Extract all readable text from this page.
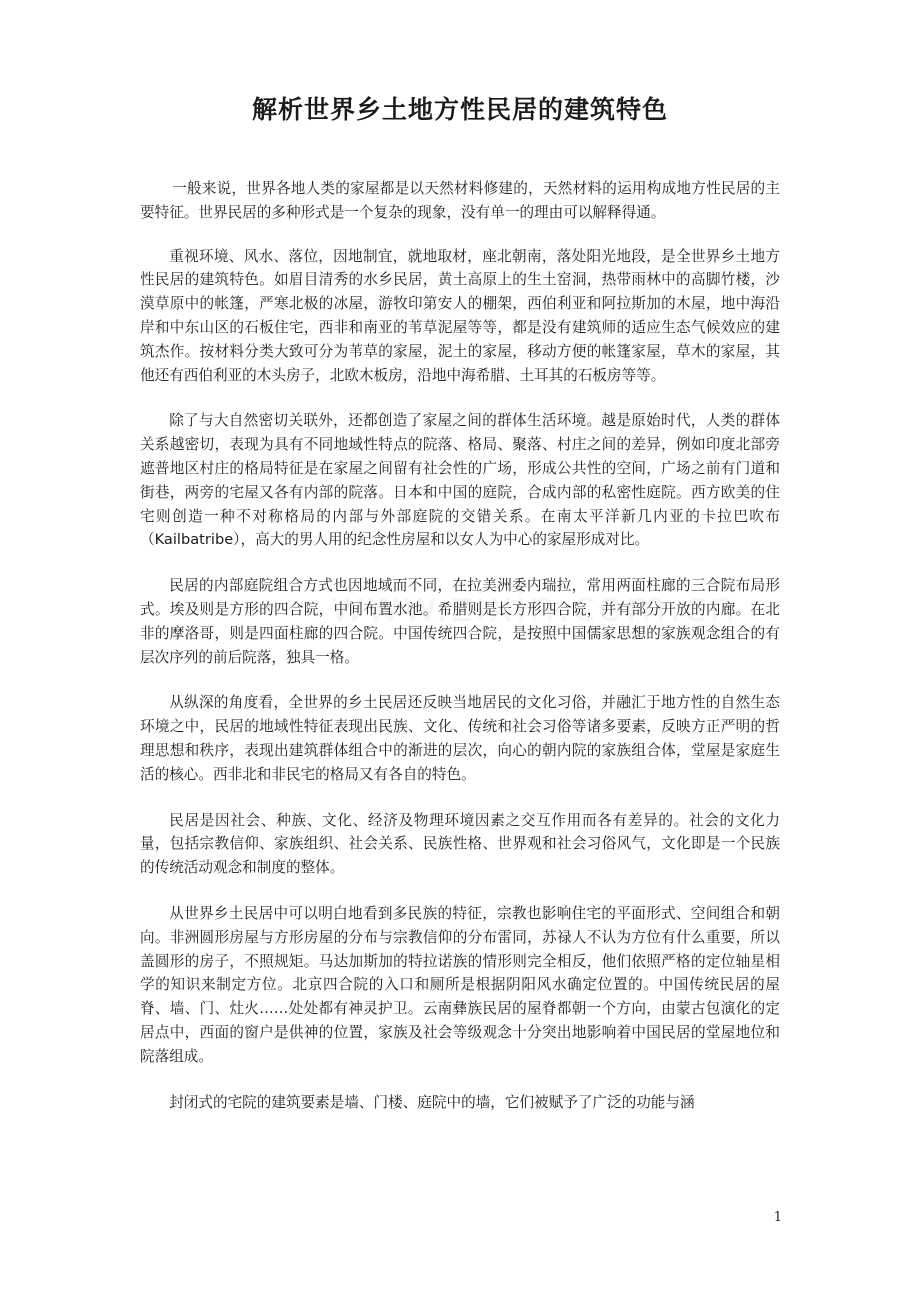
解析世界乡土地方性民居的建筑特色

一般来说，世界各地人类的家屋都是以天然材料修建的，天然材料的运用构成地方性民居的主要特征。世界民居的多种形式是一个复杂的现象，没有单一的理由可以解释得通。

重视环境、风水、落位，因地制宜，就地取材，座北朝南，落处阳光地段，是全世界乡土地方性民居的建筑特色。如眉目清秀的水乡民居，黄土高原上的生土窑洞，热带雨林中的高脚竹楼，沙漠草原中的帐篷，严寒北极的冰屋，游牧印第安人的棚架，西伯利亚和阿拉斯加的木屋，地中海沿岸和中东山区的石板住宅，西非和南亚的苇草泥屋等等，都是没有建筑师的适应生态气候效应的建筑杰作。按材料分类大致可分为苇草的家屋，泥土的家屋，移动方便的帐篷家屋，草木的家屋，其他还有西伯利亚的木头房子，北欧木板房，沿地中海希腊、土耳其的石板房等等。

除了与大自然密切关联外，还都创造了家屋之间的群体生活环境。越是原始时代，人类的群体关系越密切，表现为具有不同地域性特点的院落、格局、聚落、村庄之间的差异，例如印度北部旁遮普地区村庄的格局特征是在家屋之间留有社会性的广场，形成公共性的空间，广场之前有门道和街巷，两旁的宅屋又各有内部的院落。日本和中国的庭院，合成内部的私密性庭院。西方欧美的住宅则创造一种不对称格局的内部与外部庭院的交错关系。在南太平洋新几内亚的卡拉巴吹布（Kailbatribe），高大的男人用的纪念性房屋和以女人为中心的家屋形成对比。

民居的内部庭院组合方式也因地域而不同，在拉美洲委内瑞拉，常用两面柱廊的三合院布局形式。埃及则是方形的四合院，中间布置水池。希腊则是长方形四合院，并有部分开放的内廊。在北非的摩洛哥，则是四面柱廊的四合院。中国传统四合院，是按照中国儒家思想的家族观念组合的有层次序列的前后院落，独具一格。

从纵深的角度看，全世界的乡土民居还反映当地居民的文化习俗，并融汇于地方性的自然生态环境之中，民居的地域性特征表现出民族、文化、传统和社会习俗等诸多要素，反映方正严明的哲理思想和秩序，表现出建筑群体组合中的渐进的层次，向心的朝内院的家族组合体，堂屋是家庭生活的核心。西非北和非民宅的格局又有各自的特色。

民居是因社会、种族、文化、经济及物理环境因素之交互作用而各有差异的。社会的文化力量，包括宗教信仰、家族组织、社会关系、民族性格、世界观和社会习俗风气，文化即是一个民族的传统活动观念和制度的整体。

从世界乡土民居中可以明白地看到多民族的特征，宗教也影响住宅的平面形式、空间组合和朝向。非洲圆形房屋与方形房屋的分布与宗教信仰的分布雷同，苏禄人不认为方位有什么重要，所以盖圆形的房子，不照规矩。马达加斯加的特拉诺族的情形则完全相反，他们依照严格的定位轴星相学的知识来制定方位。北京四合院的入口和厕所是根据阴阳风水确定位置的。中国传统民居的屋脊、墙、门、灶火……处处都有神灵护卫。云南彝族民居的屋脊都朝一个方向，由蒙古包演化的定居点中，西面的窗户是供神的位置，家族及社会等级观念十分突出地影响着中国民居的堂屋地位和院落组成。

封闭式的宅院的建筑要素是墙、门楼、庭院中的墙，它们被赋予了广泛的功能与涵

1
